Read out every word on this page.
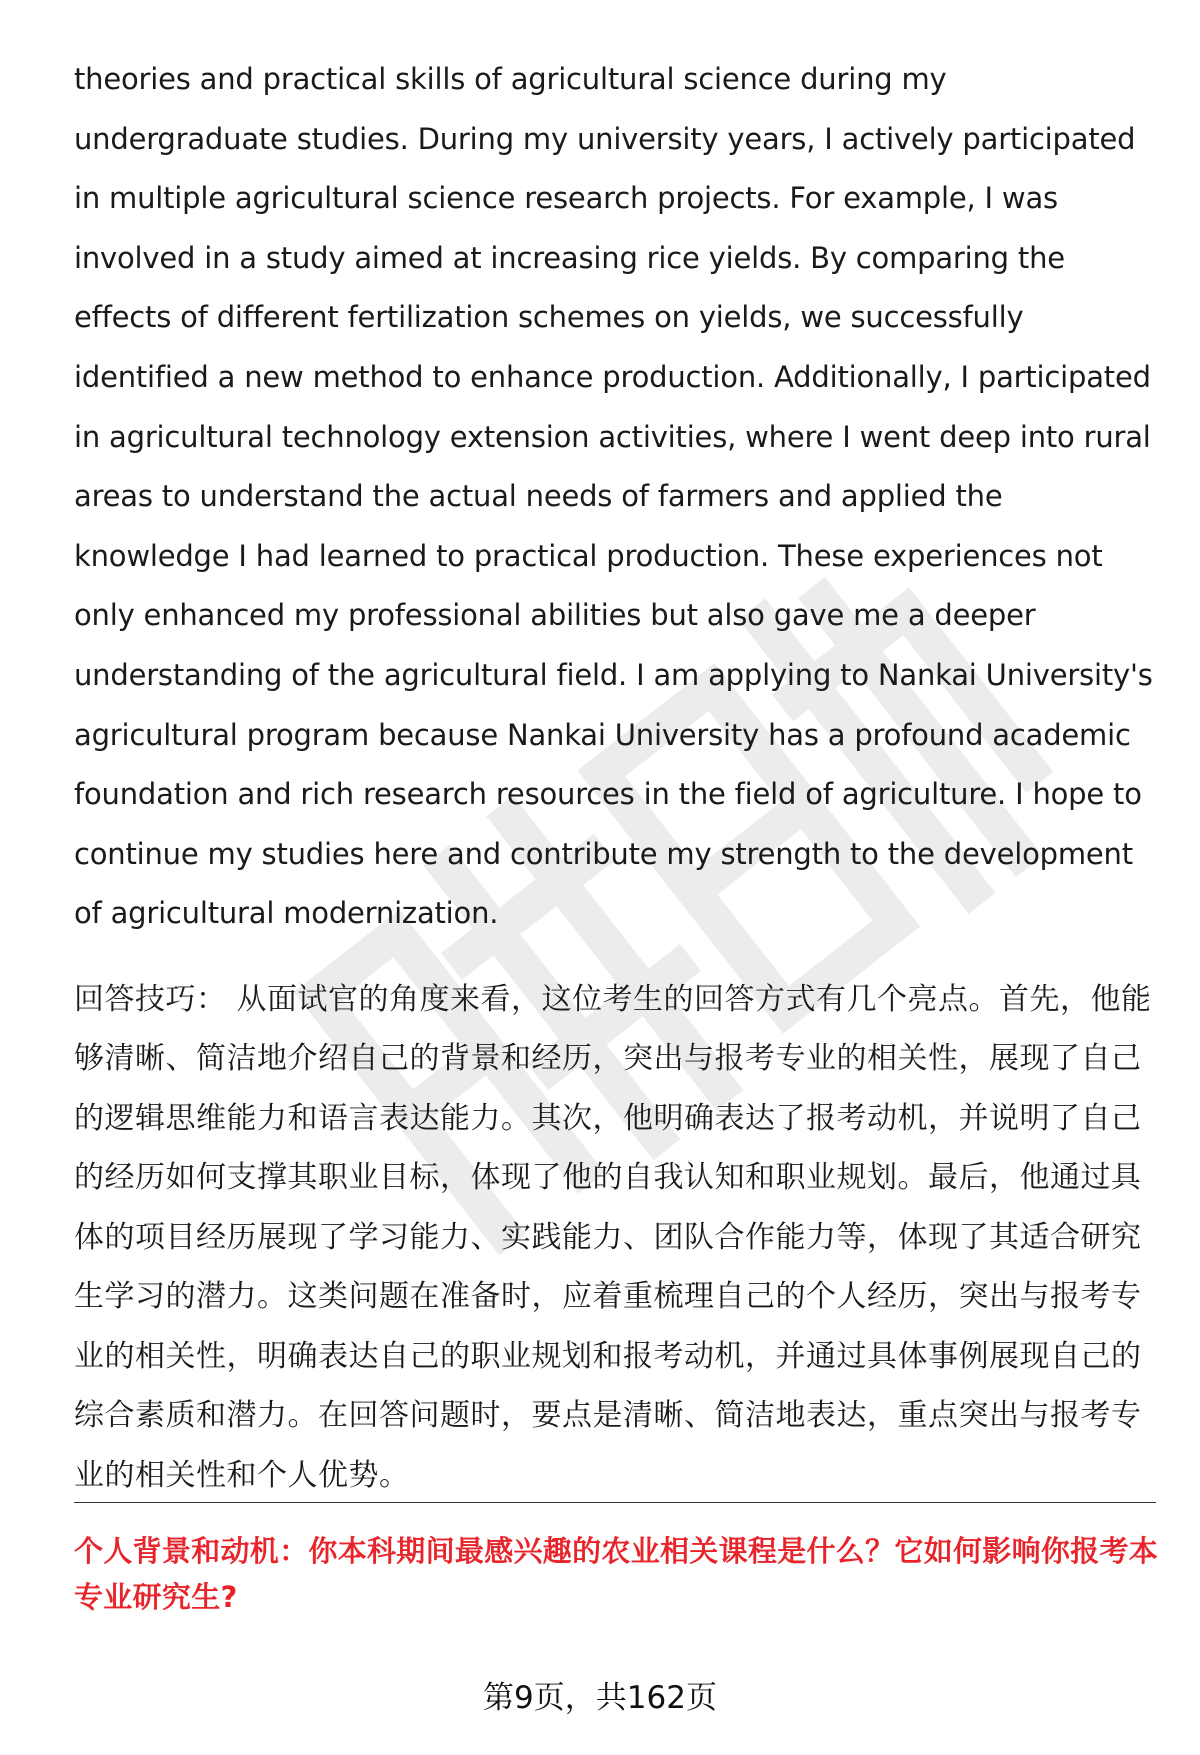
theories and practical skills of agricultural science during my undergraduate studies. During my university years, I actively participated in multiple agricultural science research projects. For example, I was involved in a study aimed at increasing rice yields. By comparing the effects of different fertilization schemes on yields, we successfully identified a new method to enhance production. Additionally, I participated in agricultural technology extension activities, where I went deep into rural areas to understand the actual needs of farmers and applied the knowledge I had learned to practical production. These experiences not only enhanced my professional abilities but also gave me a deeper understanding of the agricultural field. I am applying to Nankai University's agricultural program because Nankai University has a profound academic foundation and rich research resources in the field of agriculture. I hope to continue my studies here and contribute my strength to the development of agricultural modernization.

回答技巧： 从面试官的角度来看，这位考生的回答方式有几个亮点。首先，他能够清晰、简洁地介绍自己的背景和经历，突出与报考专业的相关性，展现了自己的逻辑思维能力和语言表达能力。其次，他明确表达了报考动机，并说明了自己的经历如何支撑其职业目标，体现了他的自我认知和职业规划。最后，他通过具体的项目经历展现了学习能力、实践能力、团队合作能力等，体现了其适合研究生学习的潜力。这类问题在准备时，应着重梳理自己的个人经历，突出与报考专业的相关性，明确表达自己的职业规划和报考动机，并通过具体事例展现自己的综合素质和潜力。在回答问题时，要点是清晰、简洁地表达，重点突出与报考专业的相关性和个人优势。

个人背景和动机：你本科期间最感兴趣的农业相关课程是什么？它如何影响你报考本专业研究生?

第9页，共162页
